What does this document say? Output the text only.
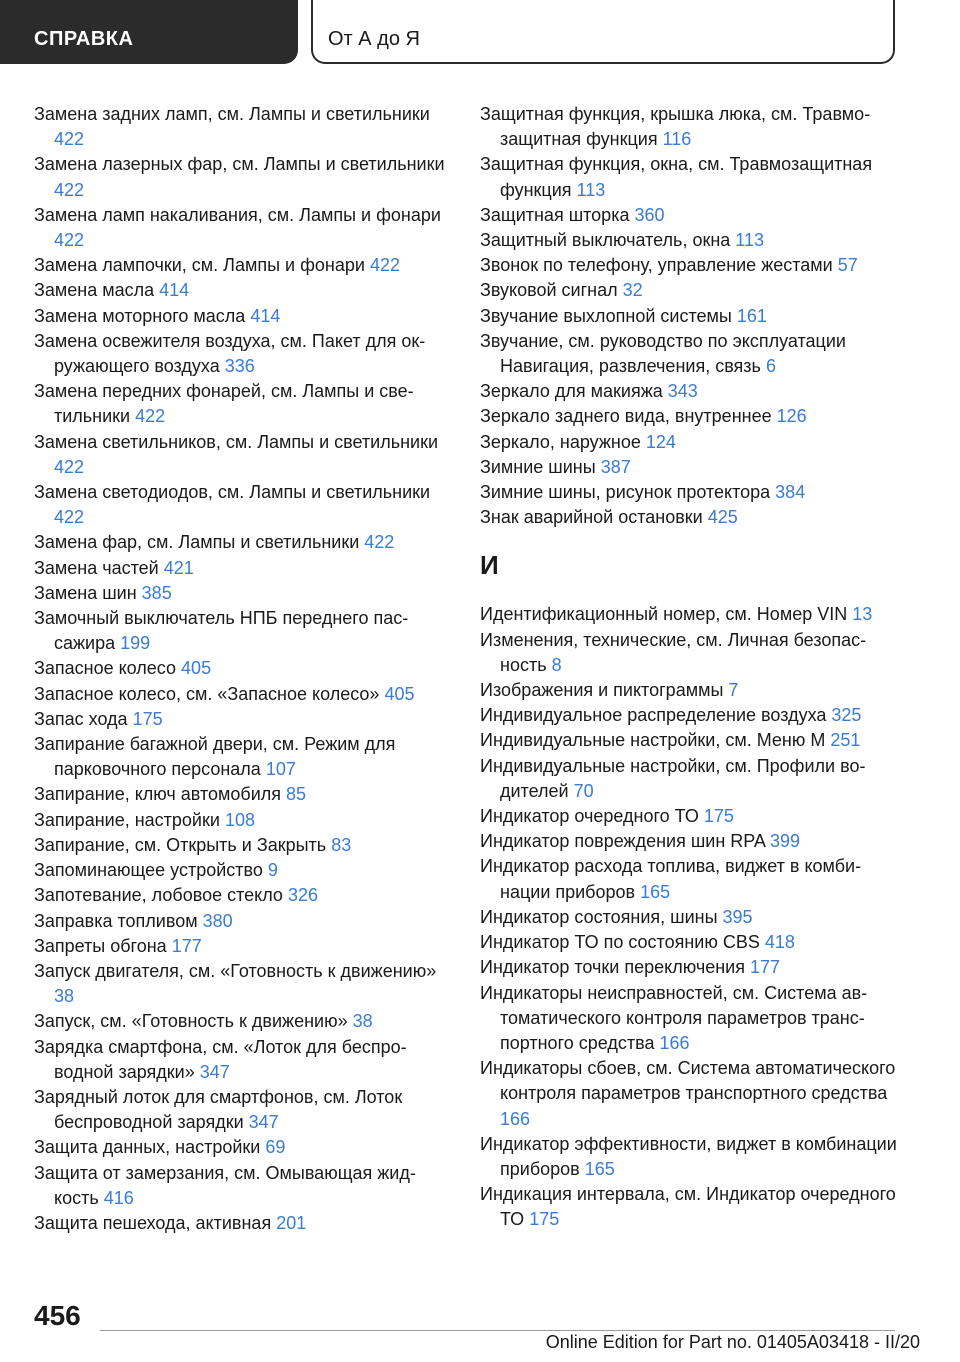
СПРАВКА	От А до Я
Замена задних ламп, см. Лампы и светильники 422
Замена лазерных фар, см. Лампы и светильники 422
Замена ламп накаливания, см. Лампы и фонари 422
Замена лампочки, см. Лампы и фонари 422
Замена масла 414
Замена моторного масла 414
Замена освежителя воздуха, см. Пакет для окружающего воздуха 336
Замена передних фонарей, см. Лампы и светильники 422
Замена светильников, см. Лампы и светильники 422
Замена светодиодов, см. Лампы и светильники 422
Замена фар, см. Лампы и светильники 422
Замена частей 421
Замена шин 385
Замочный выключатель НПБ переднего пассажира 199
Запасное колесо 405
Запасное колесо, см. «Запасное колесо» 405
Запас хода 175
Запирание багажной двери, см. Режим для парковочного персонала 107
Запирание, ключ автомобиля 85
Запирание, настройки 108
Запирание, см. Открыть и Закрыть 83
Запоминающее устройство 9
Запотевание, лобовое стекло 326
Заправка топливом 380
Запреты обгона 177
Запуск двигателя, см. «Готовность к движению» 38
Запуск, см. «Готовность к движению» 38
Зарядка смартфона, см. «Лоток для беспроводной зарядки» 347
Зарядный лоток для смартфонов, см. Лоток беспроводной зарядки 347
Защита данных, настройки 69
Защита от замерзания, см. Омывающая жидкость 416
Защита пешехода, активная 201
Защитная функция, крышка люка, см. Травмозащитная функция 116
Защитная функция, окна, см. Травмозащитная функция 113
Защитная шторка 360
Защитный выключатель, окна 113
Звонок по телефону, управление жестами 57
Звуковой сигнал 32
Звучание выхлопной системы 161
Звучание, см. руководство по эксплуатации Навигация, развлечения, связь 6
Зеркало для макияжа 343
Зеркало заднего вида, внутреннее 126
Зеркало, наружное 124
Зимние шины 387
Зимние шины, рисунок протектора 384
Знак аварийной остановки 425
И
Идентификационный номер, см. Номер VIN 13
Изменения, технические, см. Личная безопасность 8
Изображения и пиктограммы 7
Индивидуальное распределение воздуха 325
Индивидуальные настройки, см. Меню M 251
Индивидуальные настройки, см. Профили водителей 70
Индикатор очередного ТО 175
Индикатор повреждения шин RPA 399
Индикатор расхода топлива, виджет в комбинации приборов 165
Индикатор состояния, шины 395
Индикатор ТО по состоянию CBS 418
Индикатор точки переключения 177
Индикаторы неисправностей, см. Система автоматического контроля параметров транспортного средства 166
Индикаторы сбоев, см. Система автоматического контроля параметров транспортного средства 166
Индикатор эффективности, виджет в комбинации приборов 165
Индикация интервала, см. Индикатор очередного ТО 175
456
Online Edition for Part no. 01405A03418 - II/20
